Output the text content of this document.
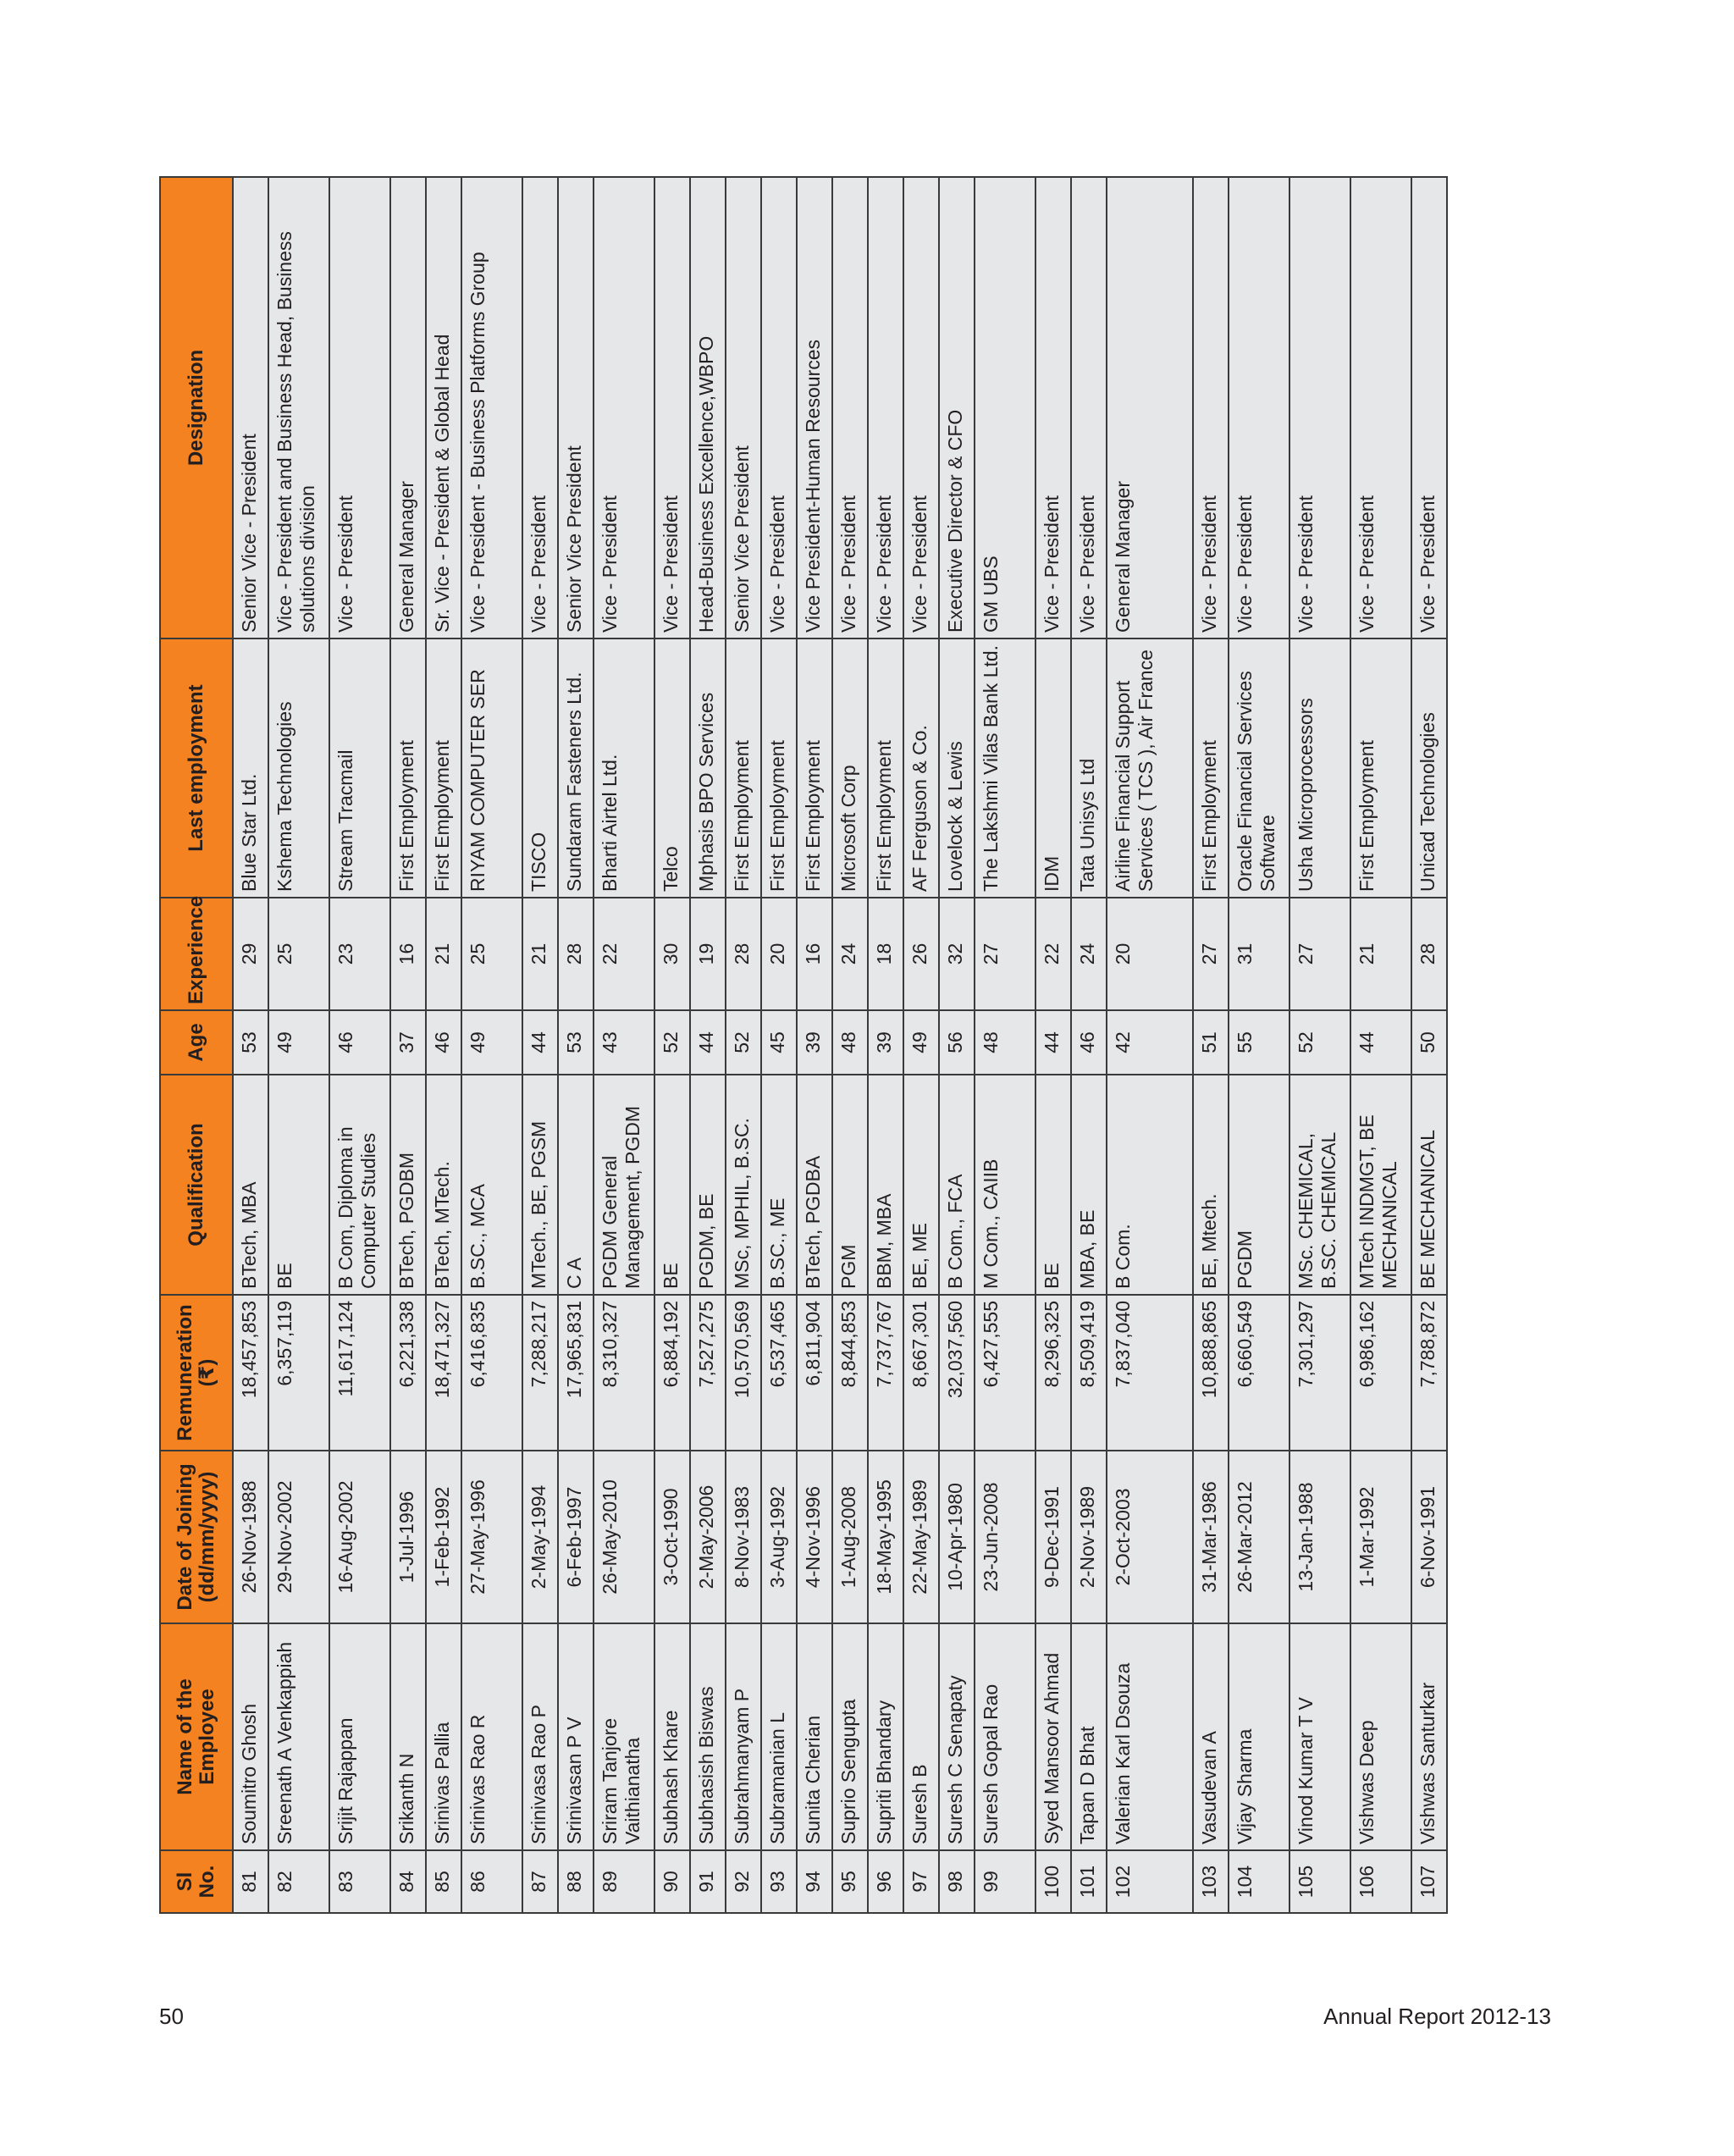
Sl No.	Name of the Employee	Date of Joining (dd/mm/yyyy)	Remuneration (₹)	Qualification	Age	Experience	Last employment	Designation
81	Soumitro Ghosh	26-Nov-1988	18,457,853	BTech, MBA	53	29	Blue Star Ltd.	Senior Vice - President
82	Sreenath A Venkappiah	29-Nov-2002	6,357,119	BE	49	25	Kshema Technologies	Vice - President and Business Head, Business solutions division
83	Srijit Rajappan	16-Aug-2002	11,617,124	B Com, Diploma in Computer Studies	46	23	Stream Tracmail	Vice - President
84	Srikanth N	1-Jul-1996	6,221,338	BTech, PGDBM	37	16	First Employment	General Manager
85	Srinivas Pallia	1-Feb-1992	18,471,327	BTech, MTech.	46	21	First Employment	Sr. Vice - President & Global Head
86	Srinivas Rao R	27-May-1996	6,416,835	B.SC., MCA	49	25	RIYAM COMPUTER SER	Vice - President - Business Platforms Group
87	Srinivasa Rao P	2-May-1994	7,288,217	MTech., BE, PGSM	44	21	TISCO	Vice - President
88	Srinivasan P V	6-Feb-1997	17,965,831	C A	53	28	Sundaram Fasteners Ltd.	Senior Vice President
89	Sriram Tanjore Vaithianatha	26-May-2010	8,310,327	PGDM General Management, PGDM	43	22	Bharti Airtel Ltd.	Vice - President
90	Subhash Khare	3-Oct-1990	6,884,192	BE	52	30	Telco	Vice - President
91	Subhasish Biswas	2-May-2006	7,527,275	PGDM, BE	44	19	Mphasis BPO Services	Head-Business Excellence,WBPO
92	Subrahmanyam P	8-Nov-1983	10,570,569	MSc, MPHIL, B.SC.	52	28	First Employment	Senior Vice President
93	Subramanian L	3-Aug-1992	6,537,465	B.SC., ME	45	20	First Employment	Vice - President
94	Sunita Cherian	4-Nov-1996	6,811,904	BTech, PGDBA	39	16	First Employment	Vice President-Human Resources
95	Suprio Sengupta	1-Aug-2008	8,844,853	PGM	48	24	Microsoft Corp	Vice - President
96	Supriti Bhandary	18-May-1995	7,737,767	BBM, MBA	39	18	First Employment	Vice - President
97	Suresh B	22-May-1989	8,667,301	BE, ME	49	26	AF Ferguson & Co.	Vice - President
98	Suresh C Senapaty	10-Apr-1980	32,037,560	B Com., FCA	56	32	Lovelock & Lewis	Executive Director & CFO
99	Suresh Gopal Rao	23-Jun-2008	6,427,555	M Com., CAIIB	48	27	The Lakshmi Vilas Bank Ltd.	GM UBS
100	Syed Mansoor Ahmad	9-Dec-1991	8,296,325	BE	44	22	IDM	Vice - President
101	Tapan D Bhat	2-Nov-1989	8,509,419	MBA, BE	46	24	Tata Unisys Ltd	Vice - President
102	Valerian Karl Dsouza	2-Oct-2003	7,837,040	B Com.	42	20	Airline Financial Support Services ( TCS ), Air France	General Manager
103	Vasudevan A	31-Mar-1986	10,888,865	BE, Mtech.	51	27	First Employment	Vice - President
104	Vijay Sharma	26-Mar-2012	6,660,549	PGDM	55	31	Oracle Financial Services Software	Vice - President
105	Vinod Kumar T V	13-Jan-1988	7,301,297	MSc. CHEMICAL, B.SC. CHEMICAL	52	27	Usha Microprocessors	Vice - President
106	Vishwas Deep	1-Mar-1992	6,986,162	MTech INDMGT, BE MECHANICAL	44	21	First Employment	Vice - President
107	Vishwas Santurkar	6-Nov-1991	7,788,872	BE MECHANICAL	50	28	Unicad Technologies	Vice - President
50	Annual Report 2012-13
